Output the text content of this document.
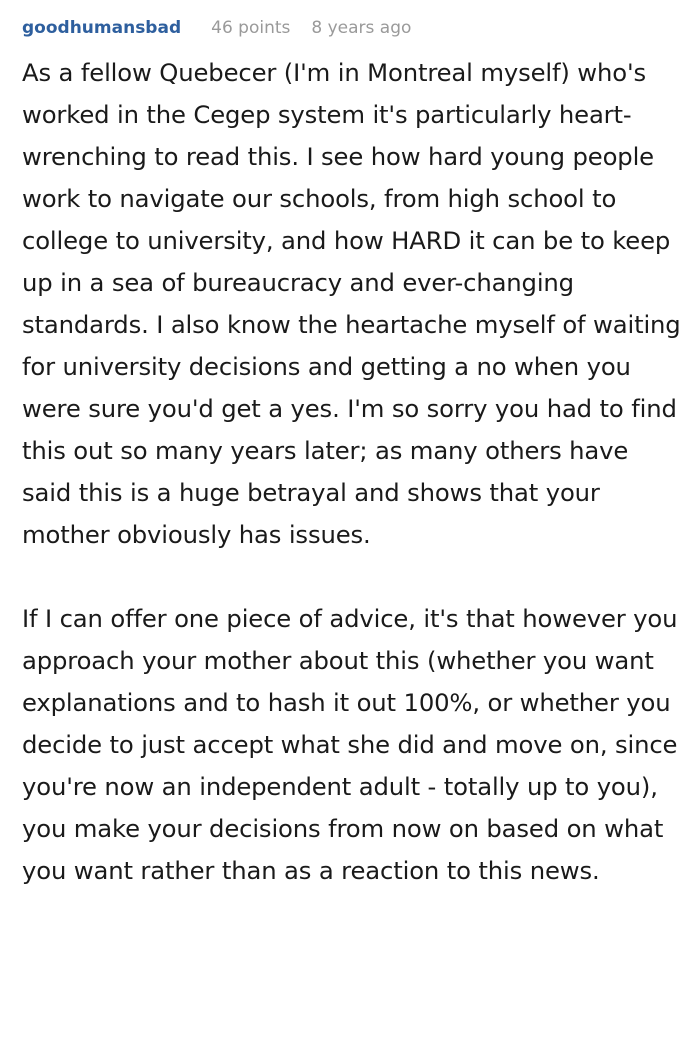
goodhumansbad 46 points 8 years ago

As a fellow Quebecer (I'm in Montreal myself) who's worked in the Cegep system it's particularly heart-wrenching to read this. I see how hard young people work to navigate our schools, from high school to college to university, and how HARD it can be to keep up in a sea of bureaucracy and ever-changing standards. I also know the heartache myself of waiting for university decisions and getting a no when you were sure you'd get a yes. I'm so sorry you had to find this out so many years later; as many others have said this is a huge betrayal and shows that your mother obviously has issues.

If I can offer one piece of advice, it's that however you approach your mother about this (whether you want explanations and to hash it out 100%, or whether you decide to just accept what she did and move on, since you're now an independent adult - totally up to you), you make your decisions from now on based on what you want rather than as a reaction to this news.
